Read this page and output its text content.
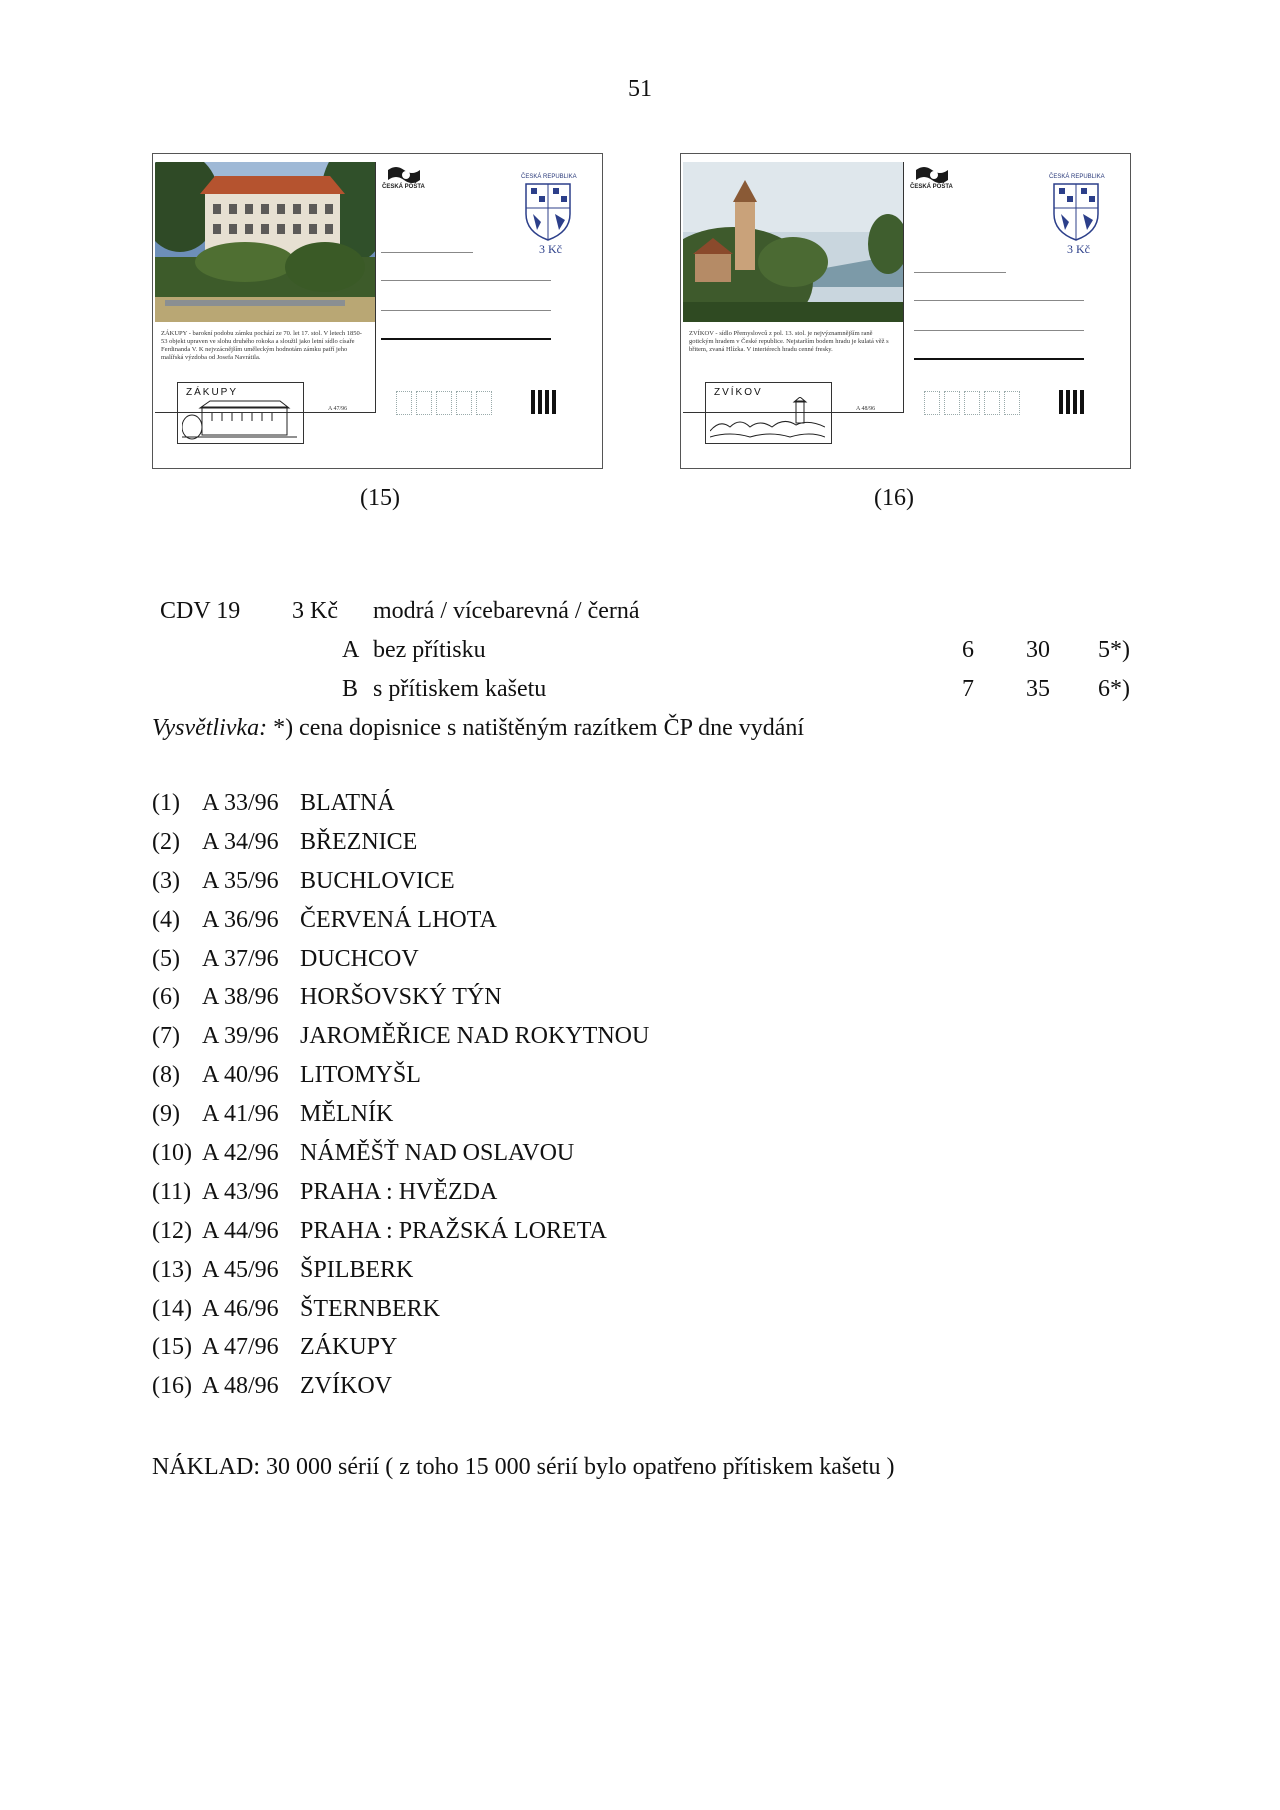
51
ZÁKUPY - barokní podobu zámku pochází ze 70. let 17. stol. V letech 1850-53 objekt upraven ve slohu druhého rokoka a sloužil jako letní sídlo císaře Ferdinanda V. K nejvzácnějším uměleckým hodnotám zámku patří jeho malířská výzdoba od Josefa Navrátila.
ZÁKUPY
A 47/96
ČESKÁ POŠTA
ČESKÁ REPUBLIKA
3 Kč
ZVÍKOV - sídlo Přemyslovců z pol. 13. stol. je nejvýznamnějším raně gotickým hradem v České republice. Nejstarším bodem hradu je kulatá věž s břitem, zvaná Hlízka. V interiérech hradu cenné fresky.
ZVÍKOV
A 48/96
ČESKÁ POŠTA
ČESKÁ REPUBLIKA
3 Kč
(15)	(16)
CDV 19 3 Kč modrá / vícebarevná / černá
A bez přítisku	6	30	5*)
B s přítiskem kašetu	7	35	6*)
Vysvětlivka: *) cena dopisnice s natištěným razítkem ČP dne vydání
(1) A 33/96 BLATNÁ
(2) A 34/96 BŘEZNICE
(3) A 35/96 BUCHLOVICE
(4) A 36/96 ČERVENÁ LHOTA
(5) A 37/96 DUCHCOV
(6) A 38/96 HORŠOVSKÝ TÝN
(7) A 39/96 JAROMĚŘICE NAD ROKYTNOU
(8) A 40/96 LITOMYŠL
(9) A 41/96 MĚLNÍK
(10) A 42/96 NÁMĚŠŤ NAD OSLAVOU
(11) A 43/96 PRAHA : HVĚZDA
(12) A 44/96 PRAHA : PRAŽSKÁ LORETA
(13) A 45/96 ŠPILBERK
(14) A 46/96 ŠTERNBERK
(15) A 47/96 ZÁKUPY
(16) A 48/96 ZVÍKOV
NÁKLAD: 30 000 sérií ( z toho 15 000 sérií bylo opatřeno přítiskem kašetu )
